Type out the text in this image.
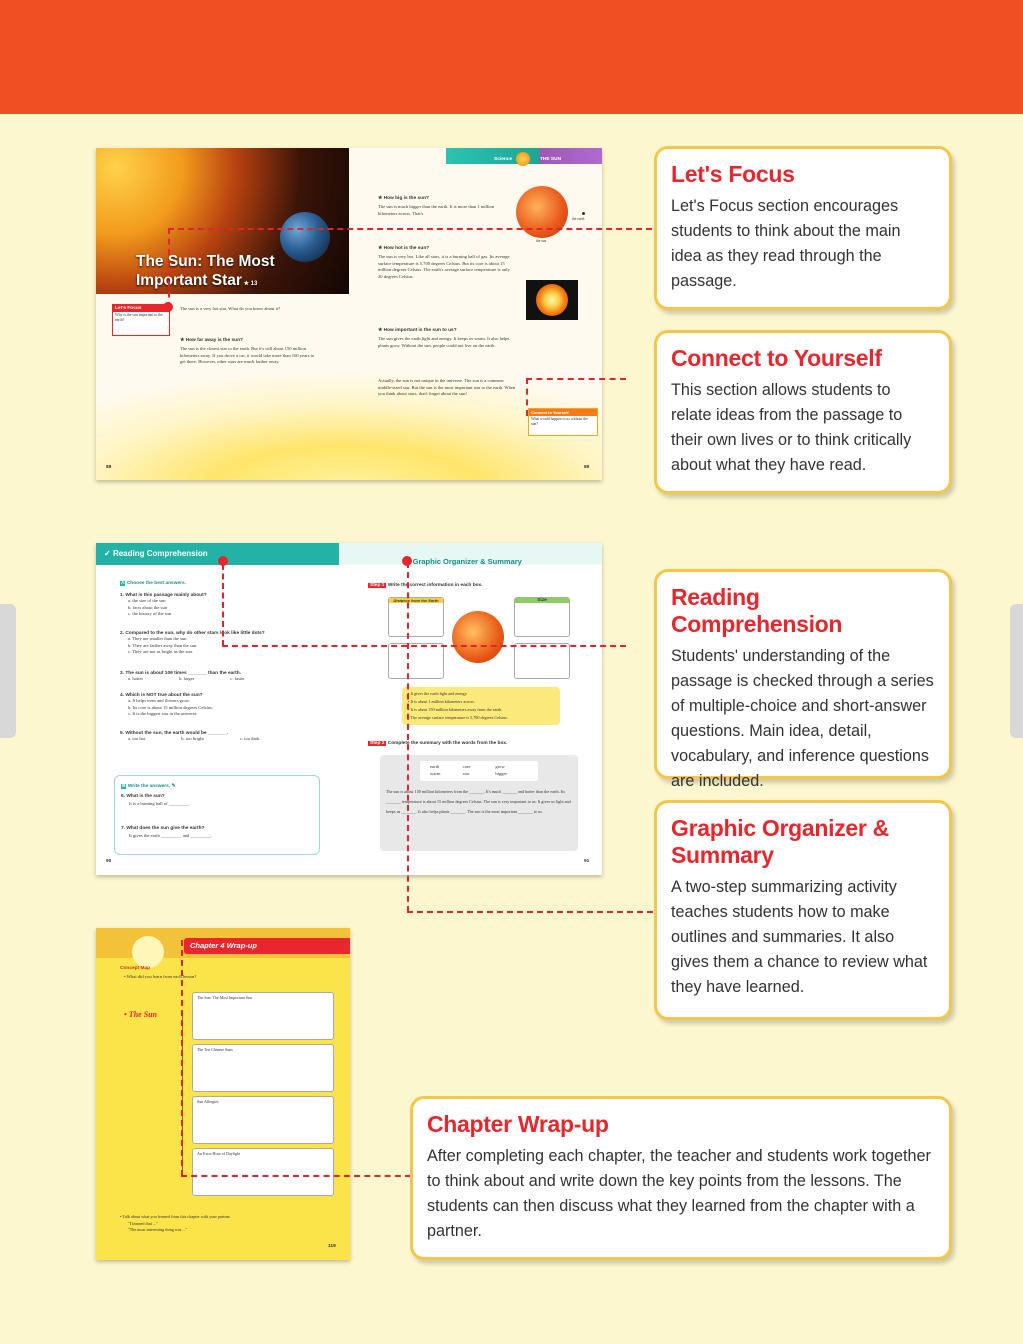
The Sun: The Most
Important Star ★ 13
Let's Focus
Why is the sun important to the earth?
The sun is a very hot star. What do you know about it?
★ How far away is the sun?
The sun is the closest star to the earth. But it's still about 150 million kilometers away. If you drove a car, it would take more than 160 years to get there. However, other stars are much farther away.
88
Science	THE SUN
★ How big is the sun?
The sun is much bigger than the earth. It is more than 1 million kilometers across. That's
the earth
the sun
★ How hot is the sun?
The sun is very hot. Like all stars, it is a burning ball of gas. Its average surface temperature is 5,700 degrees Celsius. But its core is about 15 million degrees Celsius. The earth's average surface temperature is only 20 degrees Celsius.
★ How important is the sun to us?
The sun gives the earth light and energy. It keeps us warm. It also helps plants grow. Without the sun, people could not live on the earth.
Actually, the sun is not unique in the universe. The sun is a common middle-sized star. But the sun is the most important star to the earth. When you think about stars, don't forget about the sun!
Connect to Yourself
What would happen to us without the sun?
89
✓ Reading Comprehension
Graphic Organizer & Summary
A Choose the best answers.
1. What is this passage mainly about?
a. the size of the sun
b. facts about the sun
c. the history of the sun
2. Compared to the sun, why do other stars look like little dots?
a. They are smaller than the sun.
b. They are farther away than the sun.
c. They are not as bright as the sun.
3. The sun is about 109 times _______ than the earth.
a. hotter	b. larger	c. faster
4. Which is NOT true about the sun?
a. It helps trees and flowers grow.
b. Its core is about 15 million degrees Celsius.
c. It is the biggest star in the universe.
5. Without the sun, the earth would be _______.
a. too hot	b. too bright	c. too dark
B Write the answers. ✎
6. What is the sun?
It is a burning ball of _________.
7. What does the sun give the earth?
It gives the earth _________ and _________.
90
Step 1 Write the correct information in each box.
Distance from the Earth	Size
• It gives the earth light and energy.
• It is about 1 million kilometers across.
• It is about 150 million kilometers away from the earth.
• The average surface temperature is 5,700 degrees Celsius.
Step 2 Complete the summary with the words from the box.
earth	core	grow
warm	star	bigger
The sun is about 150 million kilometers from the _______. It's much _______ and hotter than the earth. Its _______ temperature is about 15 million degrees Celsius. The sun is very important to us. It gives us light and keeps us _______. It also helps plants _______. The sun is the most important _______ to us.
91
Chapter 4 Wrap-up
Concept Map
• What did you learn from each lesson?
• The Sun
The Sun: The Most Important Star
The Ten Chinese Suns
Sun Allergies
An Extra Hour of Daylight
• Talk about what you learned from this chapter with your partner.
"I learned that ..."
"The most interesting thing was ..."
119
Let's Focus

Let's Focus section encourages students to think about the main idea as they read through the passage.

Connect to Yourself

This section allows students to relate ideas from the passage to their own lives or to think critically about what they have read.

Reading Comprehension

Students' understanding of the passage is checked through a series of multiple-choice and short-answer questions. Main idea, detail, vocabulary, and inference questions are included.

Graphic Organizer & Summary

A two-step summarizing activity teaches students how to make outlines and summaries. It also gives them a chance to review what they have learned.

Chapter Wrap-up

After completing each chapter, the teacher and students work together to think about and write down the key points from the lessons. The students can then discuss what they learned from the chapter with a partner.
